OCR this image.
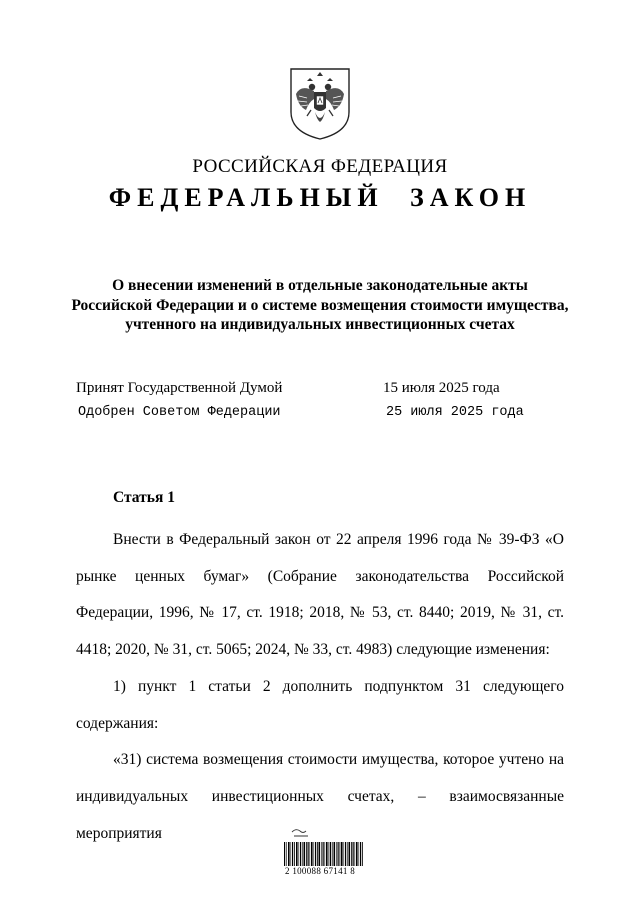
РОССИЙСКАЯ ФЕДЕРАЦИЯ
ФЕДЕРАЛЬНЫЙ ЗАКОН
О внесении изменений в отдельные законодательные акты
Российской Федерации и о системе возмещения стоимости имущества,
учтенного на индивидуальных инвестиционных счетах
Принят Государственной Думой	15 июля 2025 года
Одобрен Советом Федерации	25 июля 2025 года
Статья 1

Внести в Федеральный закон от 22 апреля 1996 года № 39-ФЗ «О рынке ценных бумаг» (Собрание законодательства Российской Федерации, 1996, № 17, ст. 1918; 2018, № 53, ст. 8440; 2019, № 31, ст. 4418; 2020, № 31, ст. 5065; 2024, № 33, ст. 4983) следующие изменения:

1) пункт 1 статьи 2 дополнить подпунктом 31 следующего содержания:

«31) система возмещения стоимости имущества, которое учтено на индивидуальных инвестиционных счетах, – взаимосвязанные мероприятия

2 100088 67141 8
